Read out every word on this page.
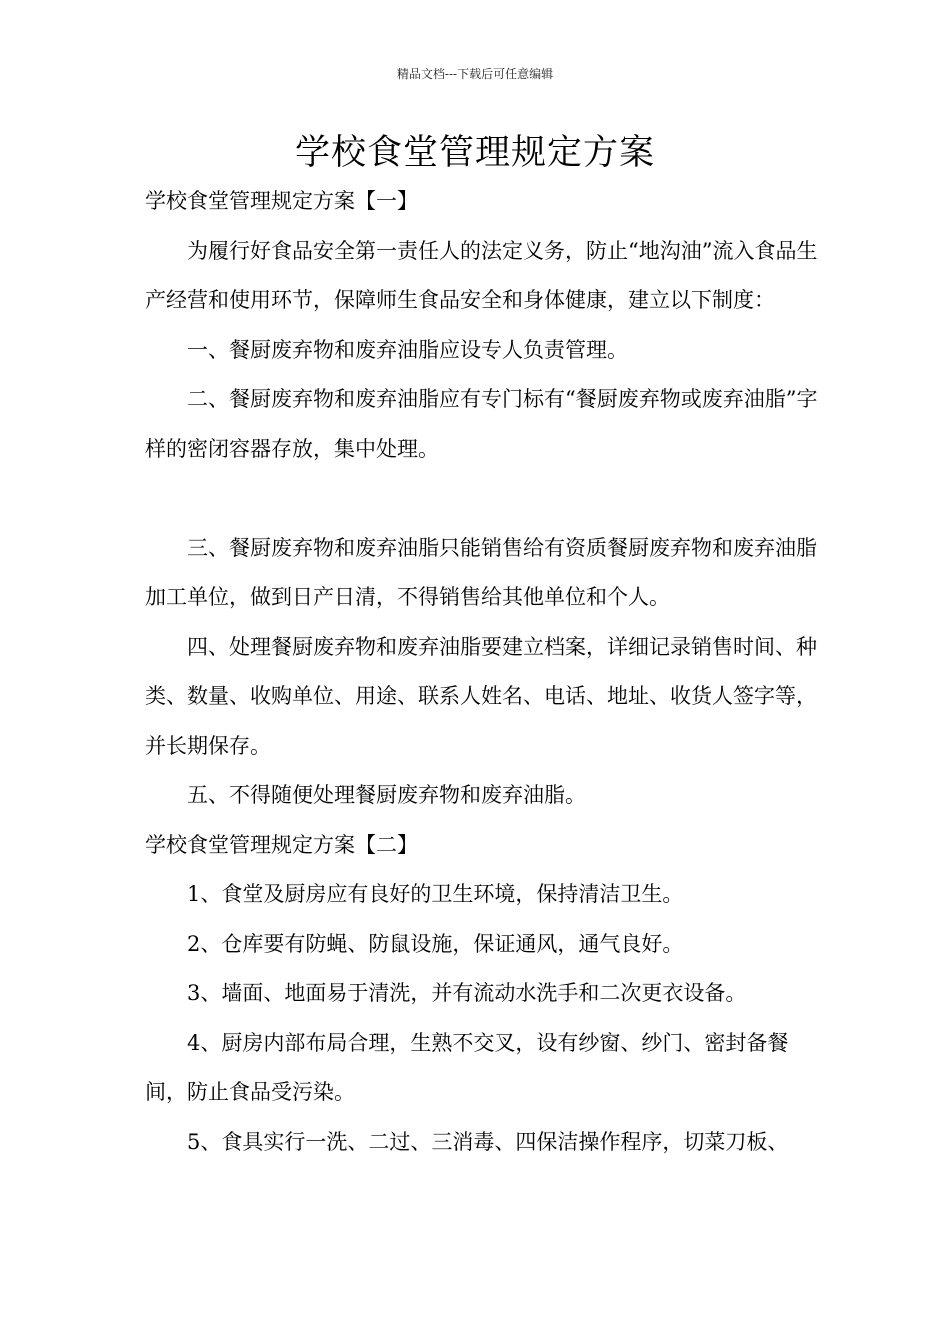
精品文档---下载后可任意编辑
学校食堂管理规定方案

学校食堂管理规定方案【一】

为履行好食品安全第一责任人的法定义务，防止“地沟油”流入食品生产经营和使用环节，保障师生食品安全和身体健康，建立以下制度：

一、餐厨废弃物和废弃油脂应设专人负责管理。

二、餐厨废弃物和废弃油脂应有专门标有“餐厨废弃物或废弃油脂”字样的密闭容器存放，集中处理。

三、餐厨废弃物和废弃油脂只能销售给有资质餐厨废弃物和废弃油脂加工单位，做到日产日清，不得销售给其他单位和个人。

四、处理餐厨废弃物和废弃油脂要建立档案，详细记录销售时间、种类、数量、收购单位、用途、联系人姓名、电话、地址、收货人签字等，并长期保存。

五、不得随便处理餐厨废弃物和废弃油脂。

学校食堂管理规定方案【二】

1、食堂及厨房应有良好的卫生环境，保持清洁卫生。

2、仓库要有防蝇、防鼠设施，保证通风，通气良好。

3、墙面、地面易于清洗，并有流动水洗手和二次更衣设备。

4、厨房内部布局合理，生熟不交叉，设有纱窗、纱门、密封备餐间，防止食品受污染。

5、食具实行一洗、二过、三消毒、四保洁操作程序，切菜刀板、
